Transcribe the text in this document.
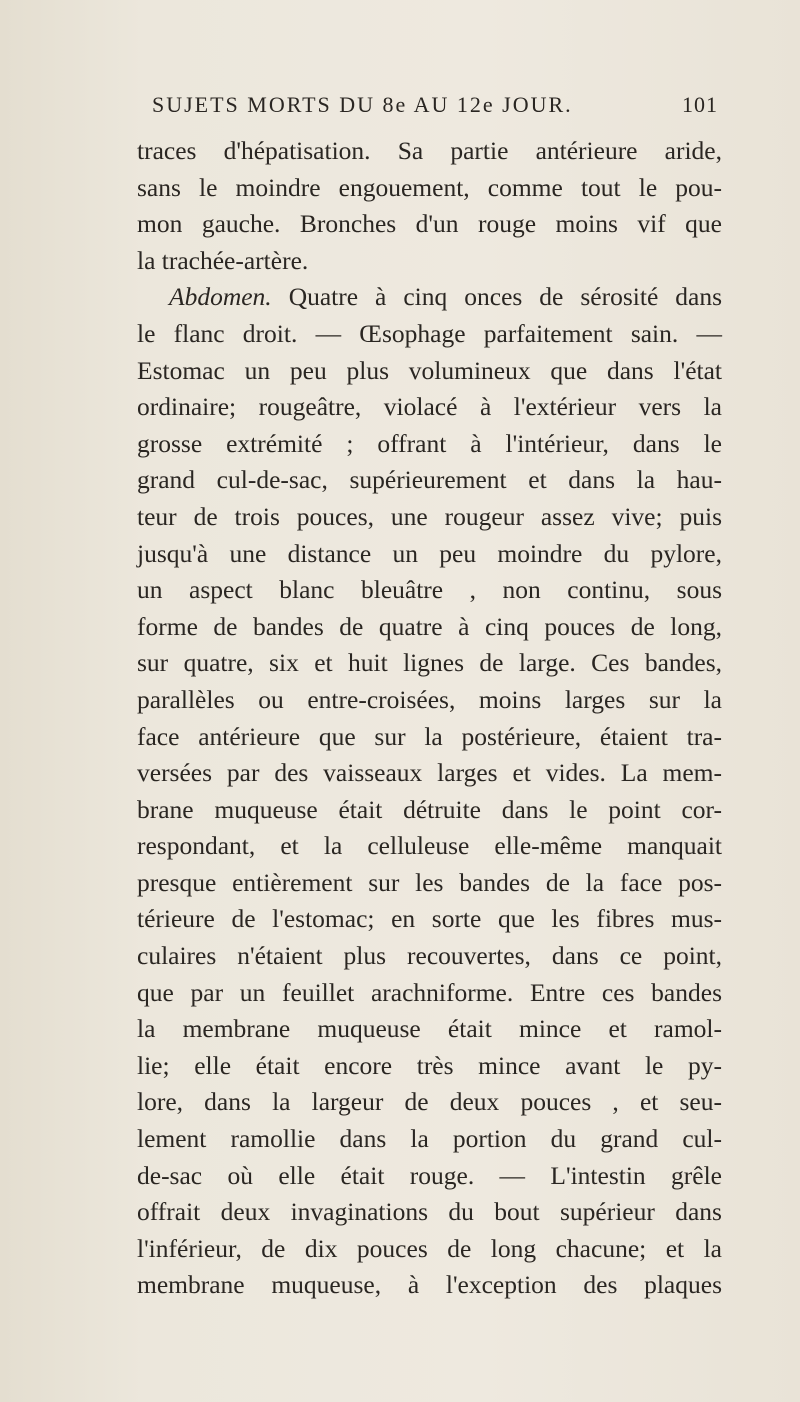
SUJETS MORTS DU 8e AU 12e JOUR.	101
traces d'hépatisation. Sa partie antérieure aride,
sans le moindre engouement, comme tout le pou-
mon gauche. Bronches d'un rouge moins vif que
la trachée-artère.
Abdomen. Quatre à cinq onces de sérosité dans
le flanc droit. — Œsophage parfaitement sain. —
Estomac un peu plus volumineux que dans l'état
ordinaire; rougeâtre, violacé à l'extérieur vers la
grosse extrémité ; offrant à l'intérieur, dans le
grand cul-de-sac, supérieurement et dans la hau-
teur de trois pouces, une rougeur assez vive; puis
jusqu'à une distance un peu moindre du pylore,
un aspect blanc bleuâtre , non continu, sous
forme de bandes de quatre à cinq pouces de long,
sur quatre, six et huit lignes de large. Ces bandes,
parallèles ou entre-croisées, moins larges sur la
face antérieure que sur la postérieure, étaient tra-
versées par des vaisseaux larges et vides. La mem-
brane muqueuse était détruite dans le point cor-
respondant, et la celluleuse elle-même manquait
presque entièrement sur les bandes de la face pos-
térieure de l'estomac; en sorte que les fibres mus-
culaires n'étaient plus recouvertes, dans ce point,
que par un feuillet arachniforme. Entre ces bandes
la membrane muqueuse était mince et ramol-
lie; elle était encore très mince avant le py-
lore, dans la largeur de deux pouces , et seu-
lement ramollie dans la portion du grand cul-
de-sac où elle était rouge. — L'intestin grêle
offrait deux invaginations du bout supérieur dans
l'inférieur, de dix pouces de long chacune; et la
membrane muqueuse, à l'exception des plaques
